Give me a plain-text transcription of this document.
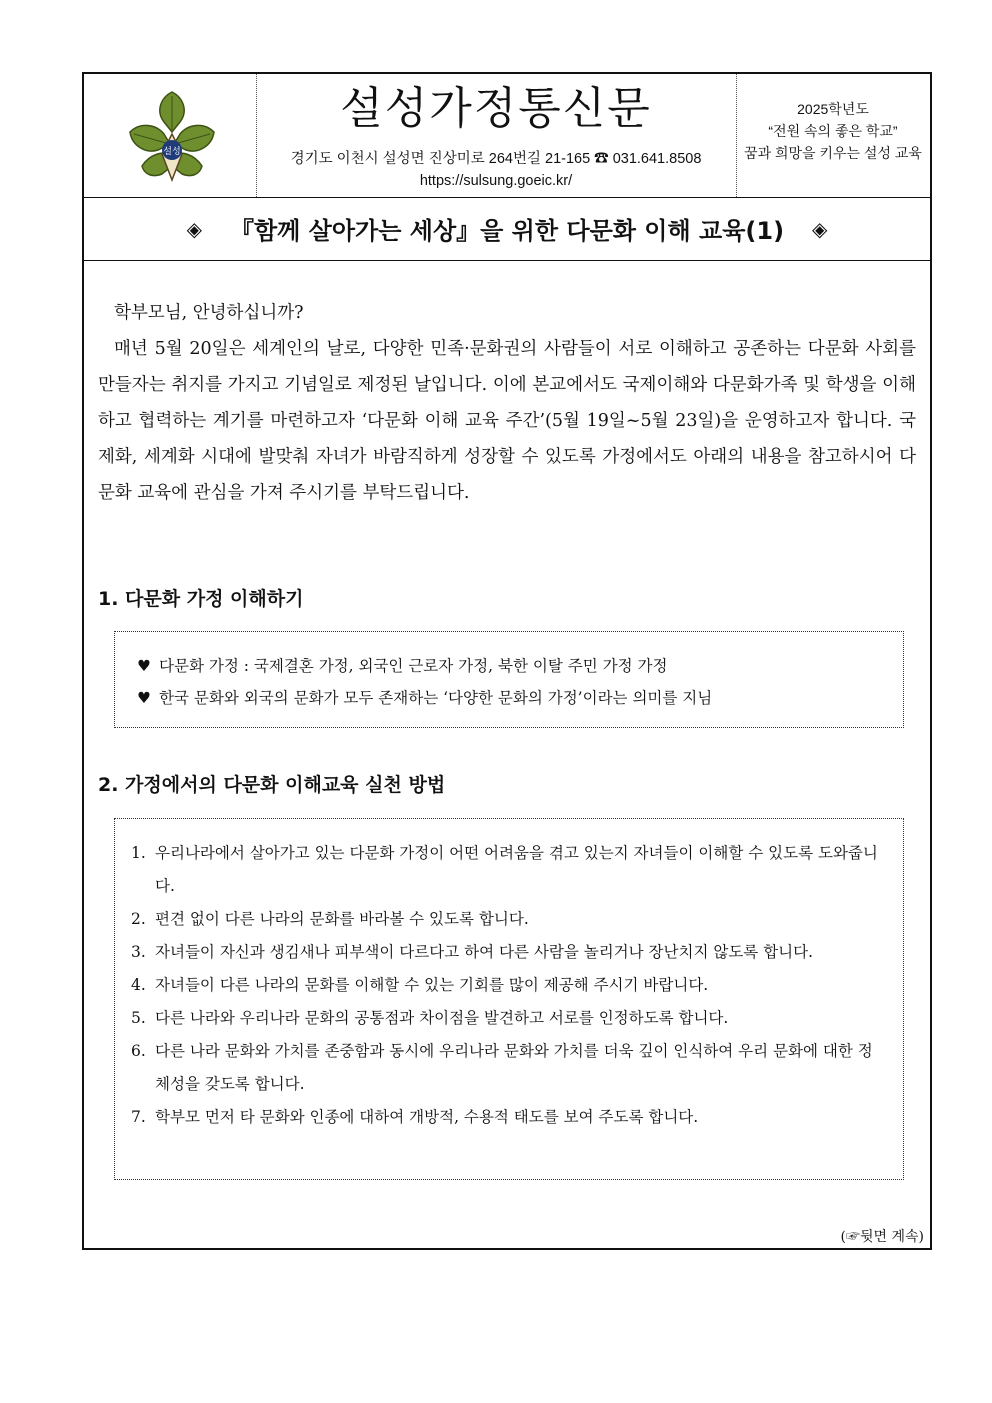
설성
설성가정통신문
경기도 이천시 설성면 진상미로 264번길 21-165 ☎ 031.641.8508
https://sulsung.goeic.kr/
2025학년도
“전원 속의 좋은 학교”
꿈과 희망을 키우는 설성 교육
◈ 『함께 살아가는 세상』을 위한 다문화 이해 교육(1) ◈

학부모님, 안녕하십니까?

매년 5월 20일은 세계인의 날로, 다양한 민족·문화권의 사람들이 서로 이해하고 공존하는 다문화 사회를 만들자는 취지를 가지고 기념일로 제정된 날입니다. 이에 본교에서도 국제이해와 다문화가족 및 학생을 이해하고 협력하는 계기를 마련하고자 ‘다문화 이해 교육 주간’(5월 19일~5월 23일)을 운영하고자 합니다. 국제화, 세계화 시대에 발맞춰 자녀가 바람직하게 성장할 수 있도록 가정에서도 아래의 내용을 참고하시어 다문화 교육에 관심을 가져 주시기를 부탁드립니다.

1. 다문화 가정 이해하기
♥ 다문화 가정 : 국제결혼 가정, 외국인 근로자 가정, 북한 이탈 주민 가정 가정
♥ 한국 문화와 외국의 문화가 모두 존재하는 ‘다양한 문화의 가정’이라는 의미를 지님
2. 가정에서의 다문화 이해교육 실천 방법
1. 우리나라에서 살아가고 있는 다문화 가정이 어떤 어려움을 겪고 있는지 자녀들이 이해할 수 있도록 도와줍니다.
2. 편견 없이 다른 나라의 문화를 바라볼 수 있도록 합니다.
3. 자녀들이 자신과 생김새나 피부색이 다르다고 하여 다른 사람을 놀리거나 장난치지 않도록 합니다.
4. 자녀들이 다른 나라의 문화를 이해할 수 있는 기회를 많이 제공해 주시기 바랍니다.
5. 다른 나라와 우리나라 문화의 공통점과 차이점을 발견하고 서로를 인정하도록 합니다.
6. 다른 나라 문화와 가치를 존중함과 동시에 우리나라 문화와 가치를 더욱 깊이 인식하여 우리 문화에 대한 정체성을 갖도록 합니다.
7. 학부모 먼저 타 문화와 인종에 대하여 개방적, 수용적 태도를 보여 주도록 합니다.
(☞뒷면 계속)
